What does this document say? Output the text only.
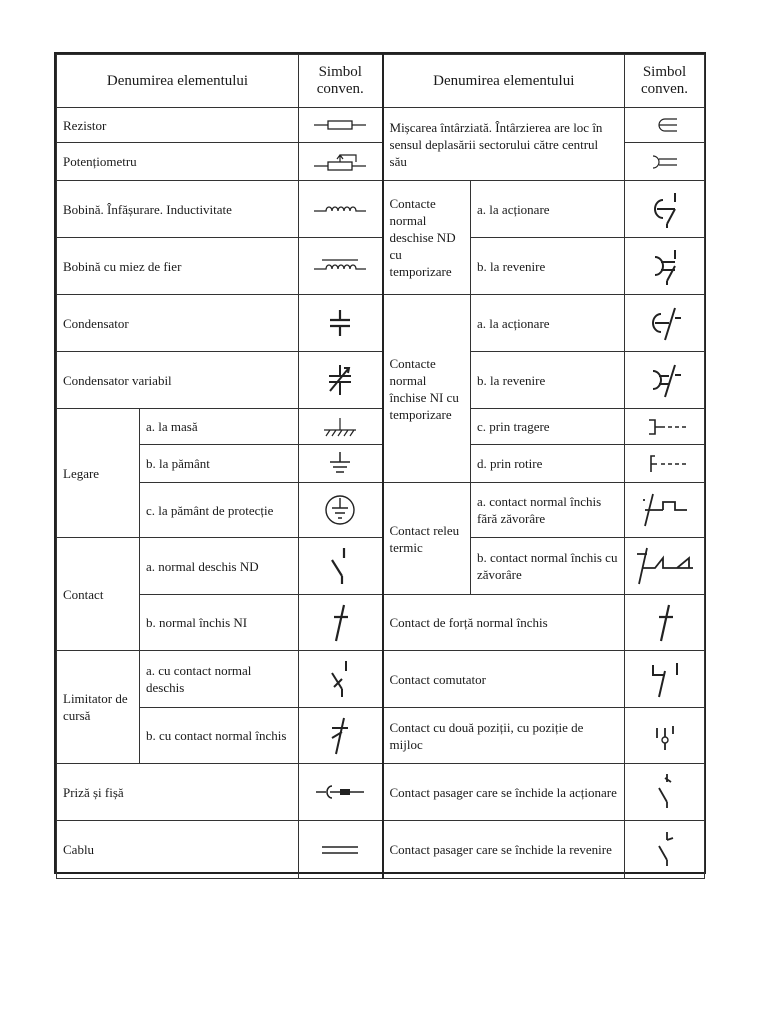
Denumirea elementului		Simbol conven.	Denumirea elementului		Simbol conven.
Rezistor			Mișcarea întârziată. Întârzierea are loc în sensul deplasării sectorului către centrul său	

Potențiometru	

Bobină. Înfășurare. Inductivitate			Contacte normal deschise ND cu temporizare	a. la acționare	

Bobină cu miez de fier				b. la revenire	

Condensator			Contacte normal închise NI cu temporizare	a. la acționare	

Condensator variabil				b. la revenire	

Legare	a. la masă			c. prin tragere	

	b. la pământ			d. prin rotire	

	c. la pământ de protecție		Contact releu termic	a. contact normal închis fără zăvorâre	

Contact	a. normal deschis ND			b. contact normal închis cu zăvorâre	

	b. normal închis NI		Contact de forță normal închis	

Limitator de cursă	a. cu contact normal deschis		Contact comutator	

	b. cu contact normal închis		Contact cu două poziții, cu poziție de mijloc	

Priză și fișă			Contact pasager care se închide la acționare	

Cablu			Contact pasager care se închide la revenire	
